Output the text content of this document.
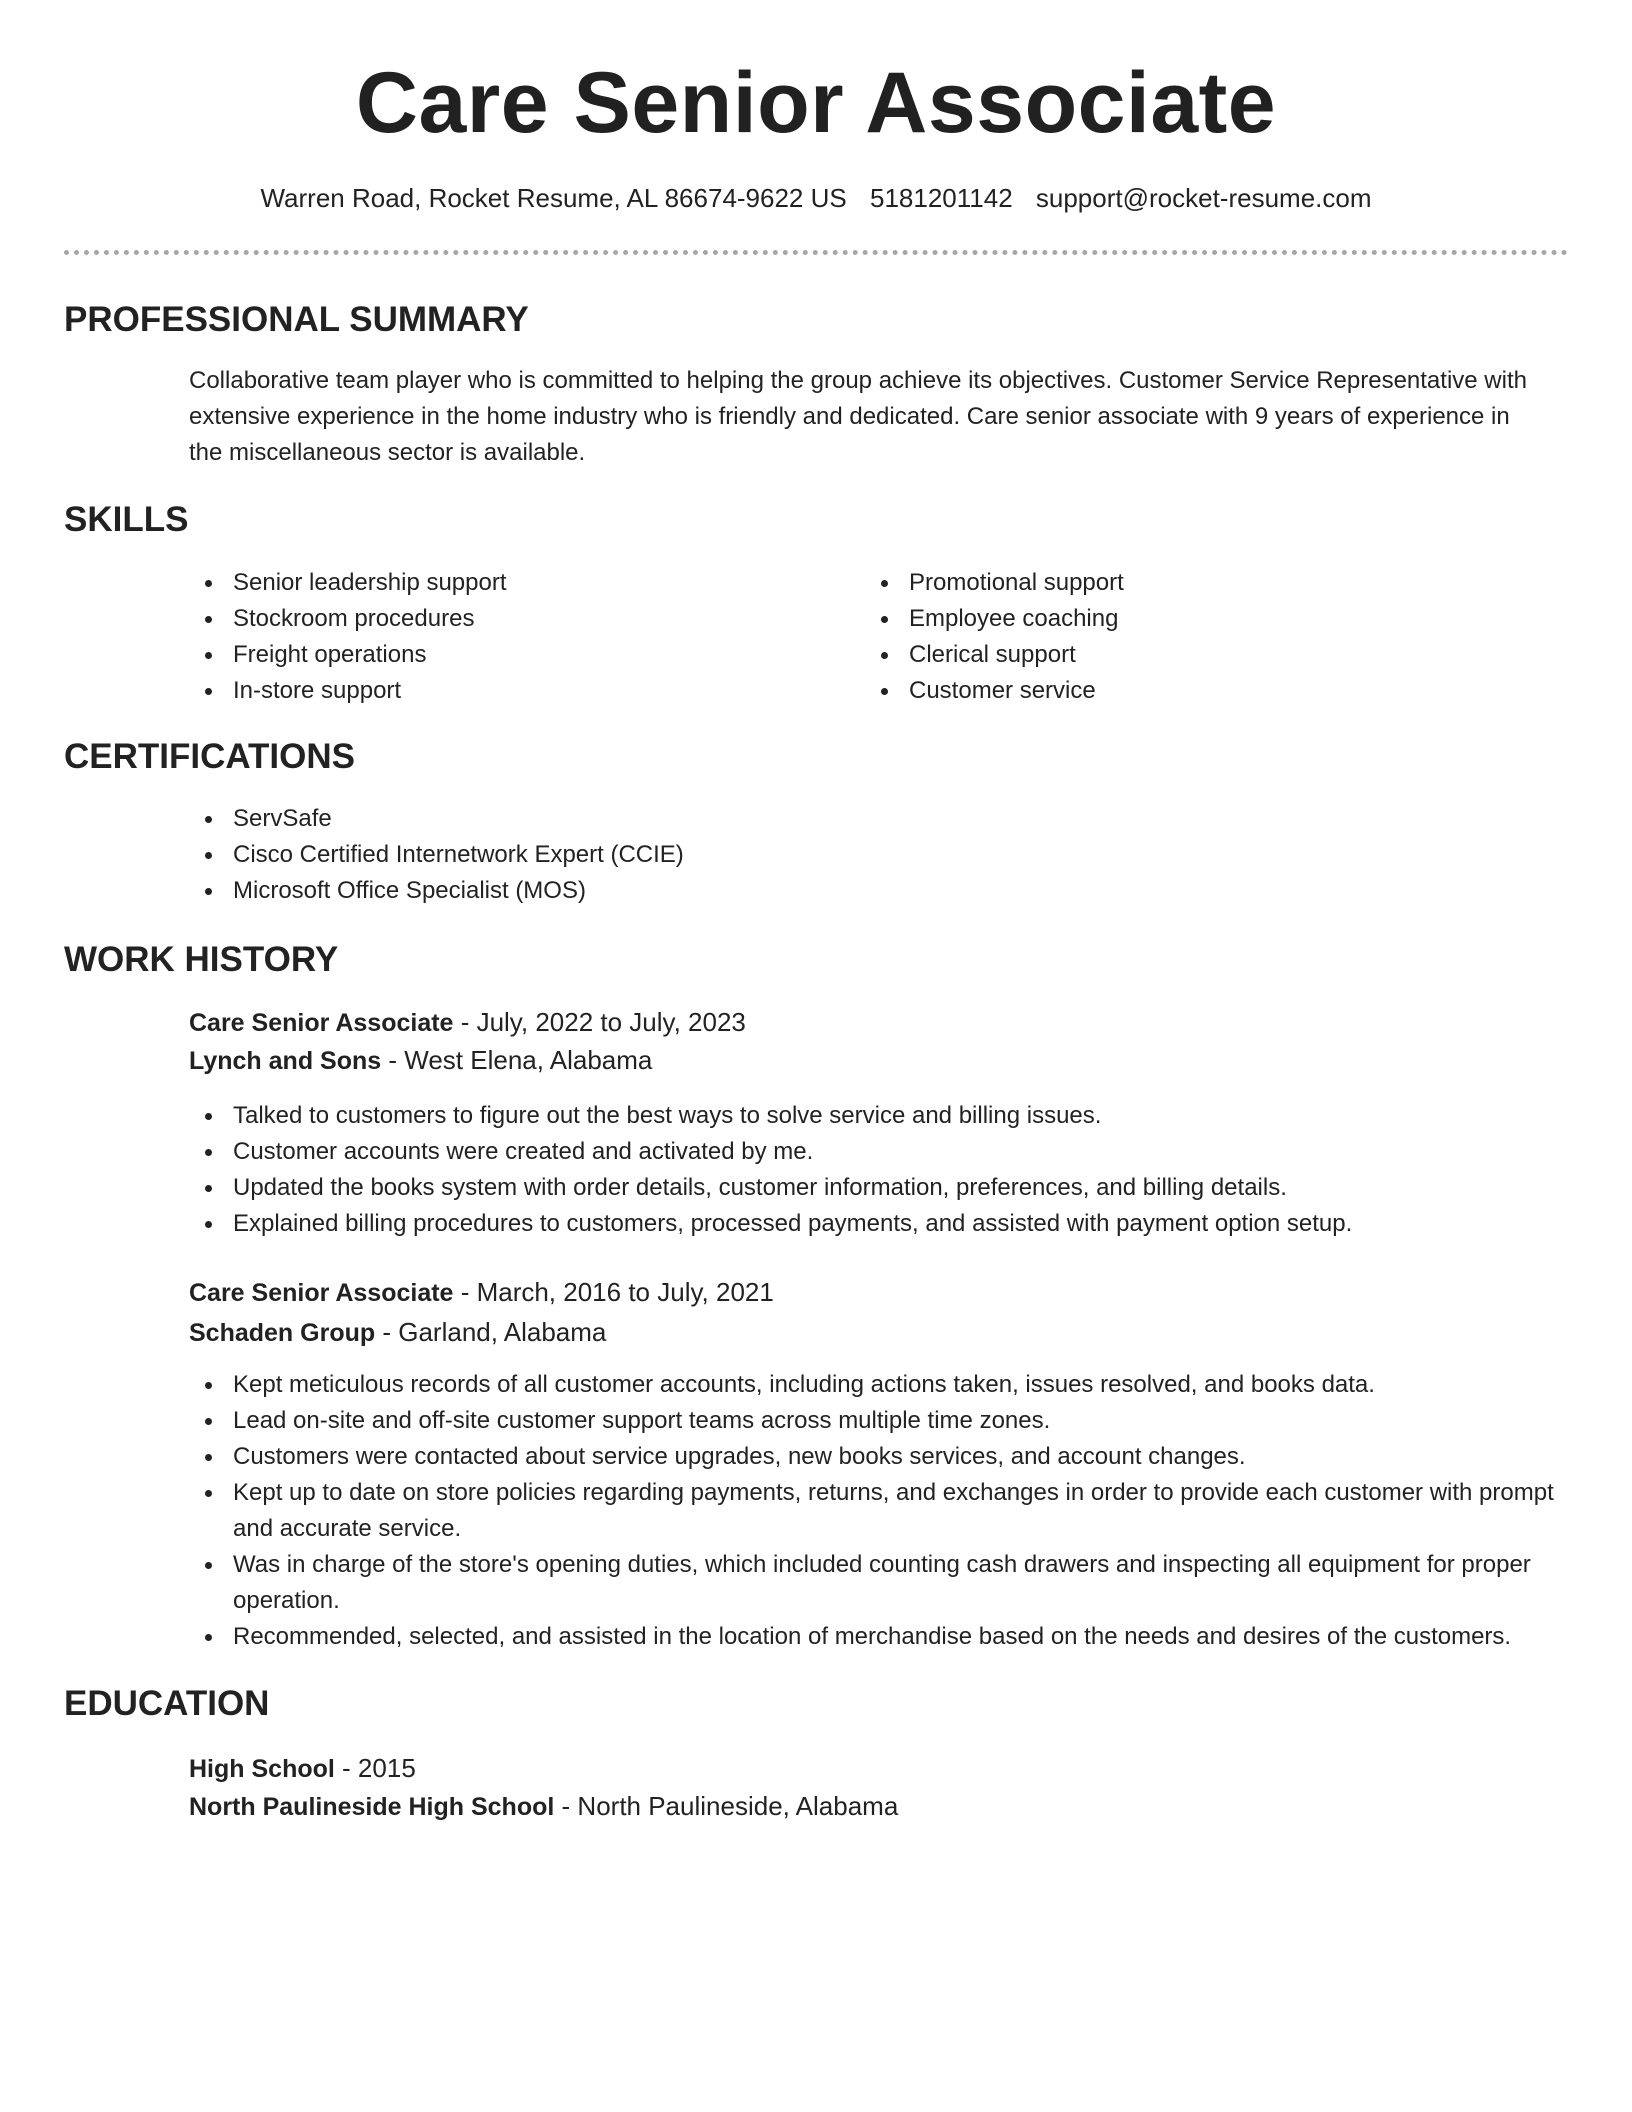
Care Senior Associate
Warren Road, Rocket Resume, AL 86674-9622 US 5181201142 support@rocket-resume.com
PROFESSIONAL SUMMARY

Collaborative team player who is committed to helping the group achieve its objectives. Customer Service Representative with extensive experience in the home industry who is friendly and dedicated. Care senior associate with 9 years of experience in the miscellaneous sector is available.

SKILLS
Senior leadership support
Stockroom procedures
Freight operations
In-store support
Promotional support
Employee coaching
Clerical support
Customer service
CERTIFICATIONS
ServSafe
Cisco Certified Internetwork Expert (CCIE)
Microsoft Office Specialist (MOS)
WORK HISTORY
Care Senior Associate - July, 2022 to July, 2023
Lynch and Sons - West Elena, Alabama
Talked to customers to figure out the best ways to solve service and billing issues.
Customer accounts were created and activated by me.
Updated the books system with order details, customer information, preferences, and billing details.
Explained billing procedures to customers, processed payments, and assisted with payment option setup.
Care Senior Associate - March, 2016 to July, 2021
Schaden Group - Garland, Alabama
Kept meticulous records of all customer accounts, including actions taken, issues resolved, and books data.
Lead on-site and off-site customer support teams across multiple time zones.
Customers were contacted about service upgrades, new books services, and account changes.
Kept up to date on store policies regarding payments, returns, and exchanges in order to provide each customer with prompt and accurate service.
Was in charge of the store's opening duties, which included counting cash drawers and inspecting all equipment for proper operation.
Recommended, selected, and assisted in the location of merchandise based on the needs and desires of the customers.
EDUCATION
High School - 2015
North Paulineside High School - North Paulineside, Alabama
